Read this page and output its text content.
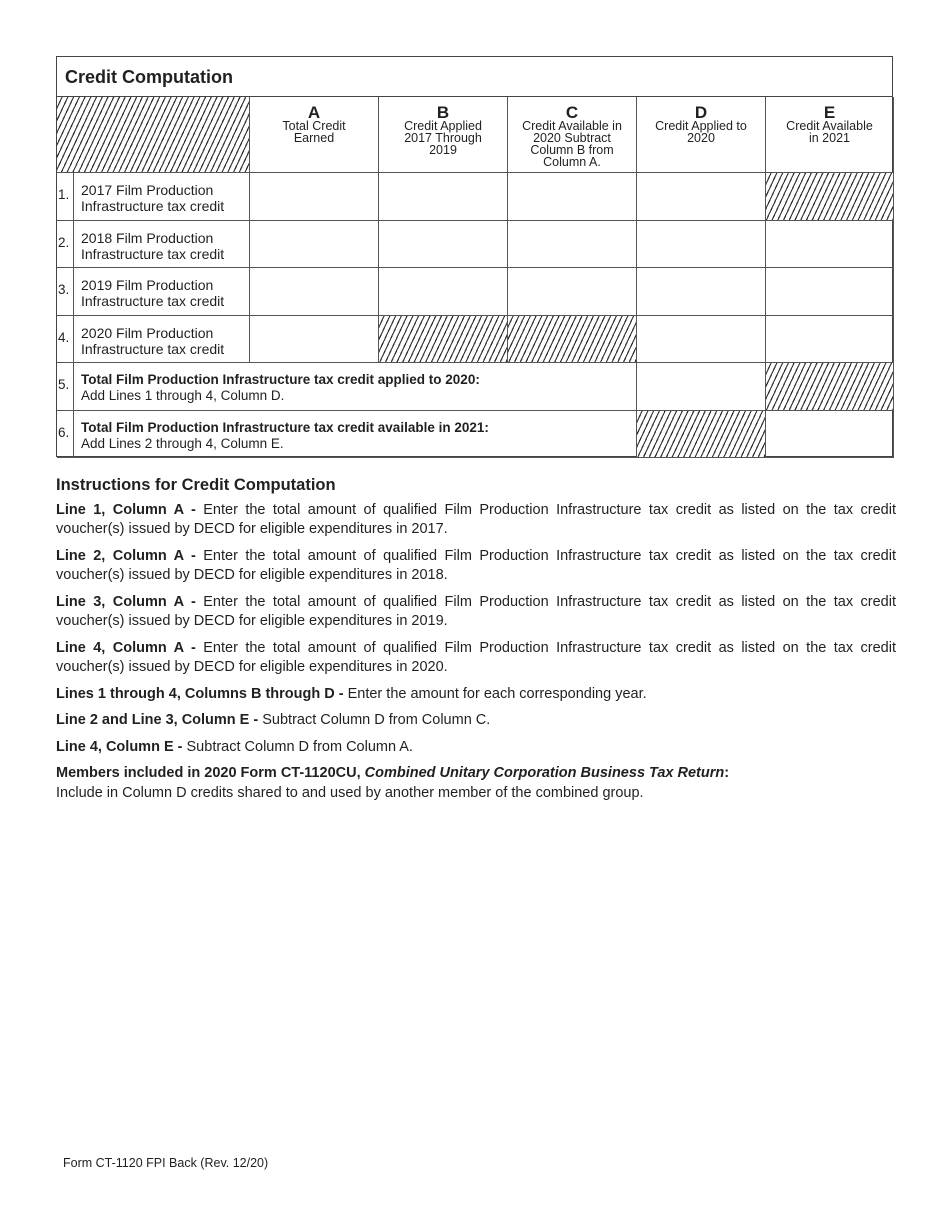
Credit Computation
A
Total Credit Earned
B
Credit Applied 2017 Through 2019
C
Credit Available in 2020 Subtract Column B from Column A.
D
Credit Applied to 2020
E
Credit Available in 2021
1. 2017 Film Production
Infrastructure tax credit
2. 2018 Film Production
Infrastructure tax credit
3. 2019 Film Production
Infrastructure tax credit
4. 2020 Film Production
Infrastructure tax credit
5. Total Film Production Infrastructure tax credit applied to 2020:
Add Lines 1 through 4, Column D.
6. Total Film Production Infrastructure tax credit available in 2021:
Add Lines 2 through 4, Column E.
Instructions for Credit Computation

Line 1, Column A - Enter the total amount of qualified Film Production Infrastructure tax credit as listed on the tax credit voucher(s) issued by DECD for eligible expenditures in 2017.

Line 2, Column A - Enter the total amount of qualified Film Production Infrastructure tax credit as listed on the tax credit voucher(s) issued by DECD for eligible expenditures in 2018.

Line 3, Column A - Enter the total amount of qualified Film Production Infrastructure tax credit as listed on the tax credit voucher(s) issued by DECD for eligible expenditures in 2019.

Line 4, Column A - Enter the total amount of qualified Film Production Infrastructure tax credit as listed on the tax credit voucher(s) issued by DECD for eligible expenditures in 2020.

Lines 1 through 4, Columns B through D - Enter the amount for each corresponding year.

Line 2 and Line 3, Column E - Subtract Column D from Column C.

Line 4, Column E - Subtract Column D from Column A.

Members included in 2020 Form CT-1120CU, Combined Unitary Corporation Business Tax Return:
Include in Column D credits shared to and used by another member of the combined group.

Form CT-1120 FPI Back (Rev. 12/20)
